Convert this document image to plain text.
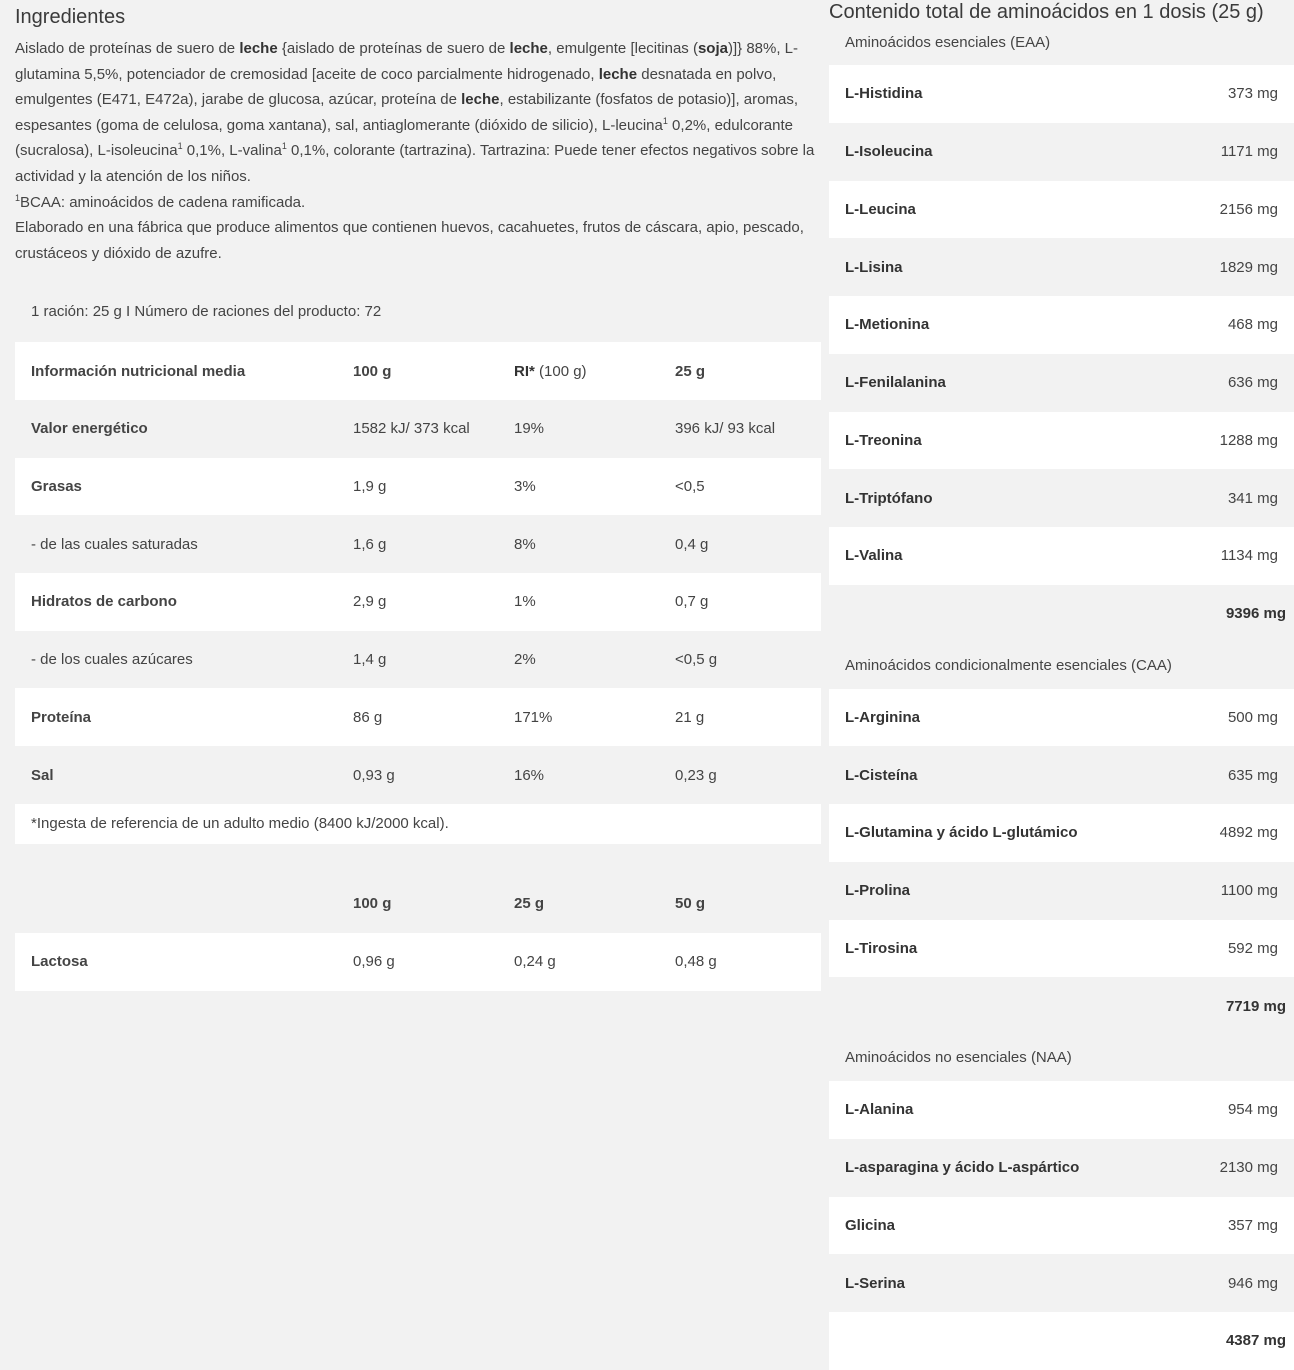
Ingredientes

Aislado de proteínas de suero de leche {aislado de proteínas de suero de leche, emulgente [lecitinas (soja)]} 88%, L-glutamina 5,5%, potenciador de cremosidad [aceite de coco parcialmente hidrogenado, leche desnatada en polvo, emulgentes (E471, E472a), jarabe de glucosa, azúcar, proteína de leche, estabilizante (fosfatos de potasio)], aromas, espesantes (goma de celulosa, goma xantana), sal, antiaglomerante (dióxido de silicio), L-leucina$^1$ 0,2%, edulcorante (sucralosa), L-isoleucina$^1$ 0,1%, L-valina$^1$ 0,1%, colorante (tartrazina). Tartrazina: Puede tener efectos negativos sobre la actividad y la atención de los niños.

$^1$BCAA: aminoácidos de cadena ramificada.

Elaborado en una fábrica que produce alimentos que contienen huevos, cacahuetes, frutos de cáscara, apio, pescado, crustáceos y dióxido de azufre.

1 ración: 25 g I Número de raciones del producto: 72
Información nutricional media	100 g	RI* (100 g)	25 g
Valor energético	1582 kJ/ 373 kcal	19%	396 kJ/ 93 kcal
Grasas	1,9 g	3%	<0,5
- de las cuales saturadas	1,6 g	8%	0,4 g
Hidratos de carbono	2,9 g	1%	0,7 g
- de los cuales azúcares	1,4 g	2%	<0,5 g
Proteína	86 g	171%	21 g
Sal	0,93 g	16%	0,23 g
*Ingesta de referencia de un adulto medio (8400 kJ/2000 kcal).
	100 g	25 g	50 g
Lactosa	0,96 g	0,24 g	0,48 g
Contenido total de aminoácidos en 1 dosis (25 g)
Aminoácidos esenciales (EAA)
L-Histidina	373 mg
L-Isoleucina	1171 mg
L-Leucina	2156 mg
L-Lisina	1829 mg
L-Metionina	468 mg
L-Fenilalanina	636 mg
L-Treonina	1288 mg
L-Triptófano	341 mg
L-Valina	1134 mg
9396 mg
Aminoácidos condicionalmente esenciales (CAA)
L-Arginina	500 mg
L-Cisteína	635 mg
L-Glutamina y ácido L-glutámico	4892 mg
L-Prolina	1100 mg
L-Tirosina	592 mg
7719 mg
Aminoácidos no esenciales (NAA)
L-Alanina	954 mg
L-asparagina y ácido L-aspártico	2130 mg
Glicina	357 mg
L-Serina	946 mg
4387 mg
